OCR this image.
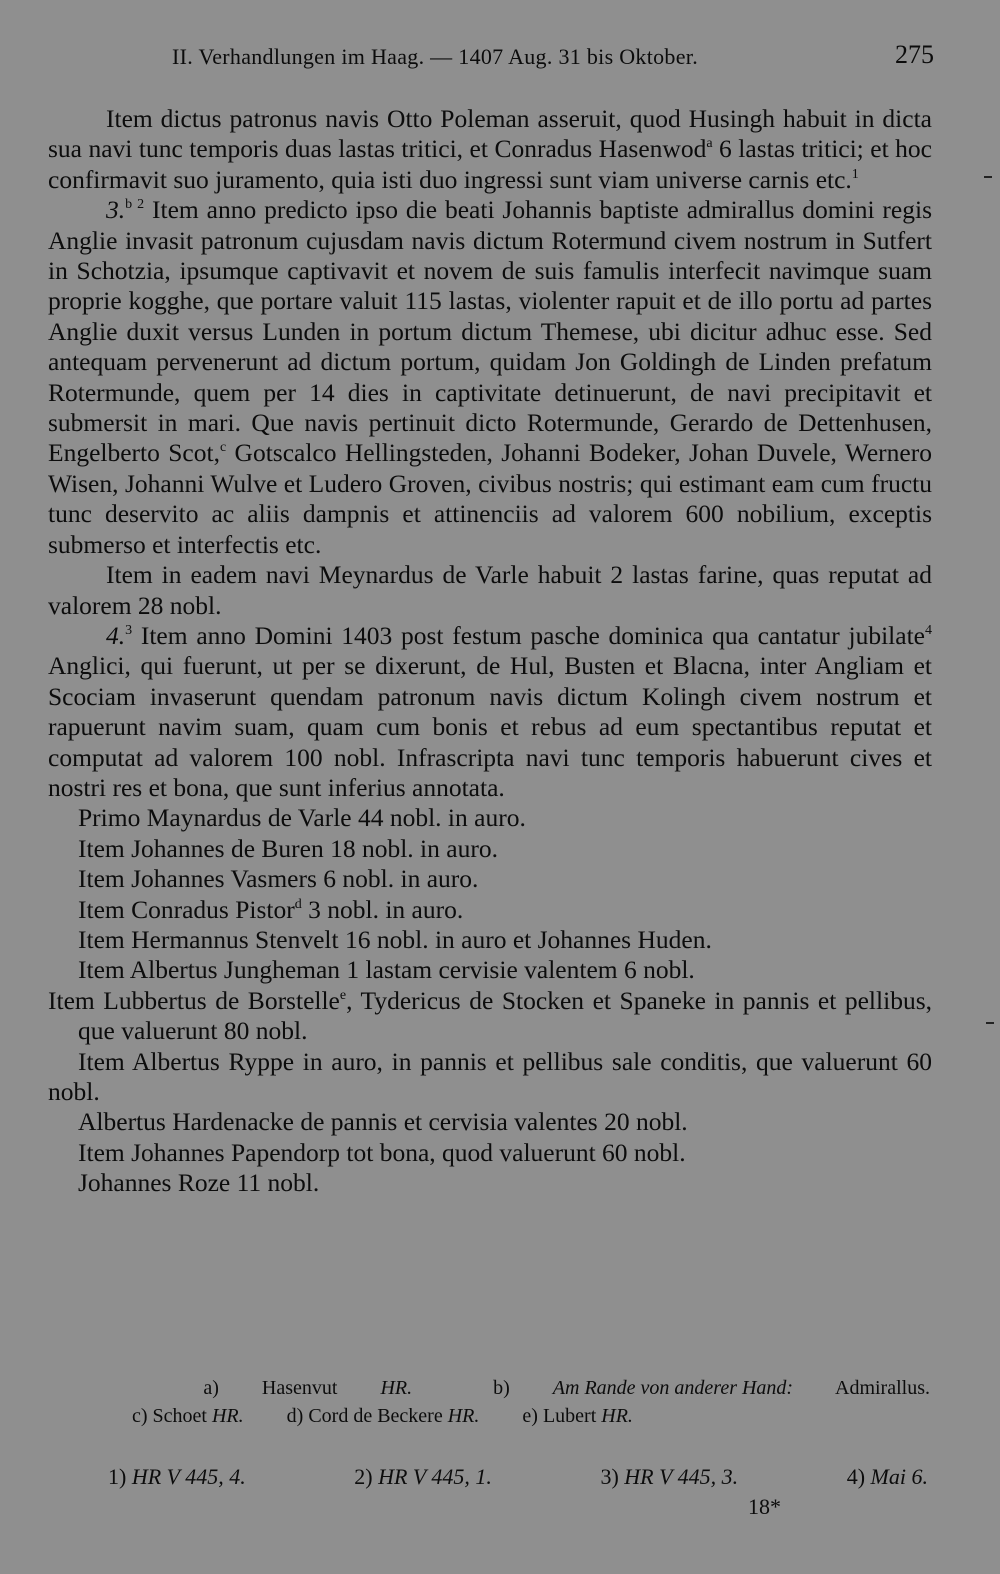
II. Verhandlungen im Haag. — 1407 Aug. 31 bis Oktober.	275

Item dictus patronus navis Otto Poleman asseruit, quod Husingh habuit in dicta sua navi tunc temporis duas lastas tritici, et Conradus Hasenwod$^a$ 6 lastas tritici; et hoc confirmavit suo juramento, quia isti duo ingressi sunt viam universe carnis etc.$^1$

3.$^{b 2}$ Item anno predicto ipso die beati Johannis baptiste admirallus domini regis Anglie invasit patronum cujusdam navis dictum Rotermund civem nostrum in Sutfert in Schotzia, ipsumque captivavit et novem de suis famulis interfecit navimque suam proprie kogghe, que portare valuit 115 lastas, violenter rapuit et de illo portu ad partes Anglie duxit versus Lunden in portum dictum Themese, ubi dicitur adhuc esse. Sed antequam pervenerunt ad dictum portum, quidam Jon Goldingh de Linden prefatum Rotermunde, quem per 14 dies in captivitate detinuerunt, de navi precipitavit et submersit in mari. Que navis pertinuit dicto Rotermunde, Gerardo de Dettenhusen, Engelberto Scot,$^c$ Gotscalco Hellingsteden, Johanni Bodeker, Johan Duvele, Wernero Wisen, Johanni Wulve et Ludero Groven, civibus nostris; qui estimant eam cum fructu tunc deservito ac aliis dampnis et attinenciis ad valorem 600 nobilium, exceptis submerso et interfectis etc.

Item in eadem navi Meynardus de Varle habuit 2 lastas farine, quas reputat ad valorem 28 nobl.

4.$^3$ Item anno Domini 1403 post festum pasche dominica qua cantatur jubilate$^4$ Anglici, qui fuerunt, ut per se dixerunt, de Hul, Busten et Blacna, inter Angliam et Scociam invaserunt quendam patronum navis dictum Kolingh civem nostrum et rapuerunt navim suam, quam cum bonis et rebus ad eum spectantibus reputat et computat ad valorem 100 nobl. Infrascripta navi tunc temporis habuerunt cives et nostri res et bona, que sunt inferius annotata.

Primo Maynardus de Varle 44 nobl. in auro.
Item Johannes de Buren 18 nobl. in auro.
Item Johannes Vasmers 6 nobl. in auro.
Item Conradus Pistor$^d$ 3 nobl. in auro.
Item Hermannus Stenvelt 16 nobl. in auro et Johannes Huden.
Item Albertus Jungheman 1 lastam cervisie valentem 6 nobl.
Item Lubbertus de Borstelle$^e$, Tydericus de Stocken et Spaneke in pannis et pellibus, que valuerunt 80 nobl.
Item Albertus Ryppe in auro, in pannis et pellibus sale conditis, que valuerunt 60 nobl.
Albertus Hardenacke de pannis et cervisia valentes 20 nobl.
Item Johannes Papendorp tot bona, quod valuerunt 60 nobl.
Johannes Roze 11 nobl.
a) Hasenvut HR.	b) Am Rande von anderer Hand: Admirallus.
c) Schoet HR. d) Cord de Beckere HR. e) Lubert HR.
1) HR V 445, 4.	2) HR V 445, 1.	3) HR V 445, 3.	4) Mai 6.
18*
